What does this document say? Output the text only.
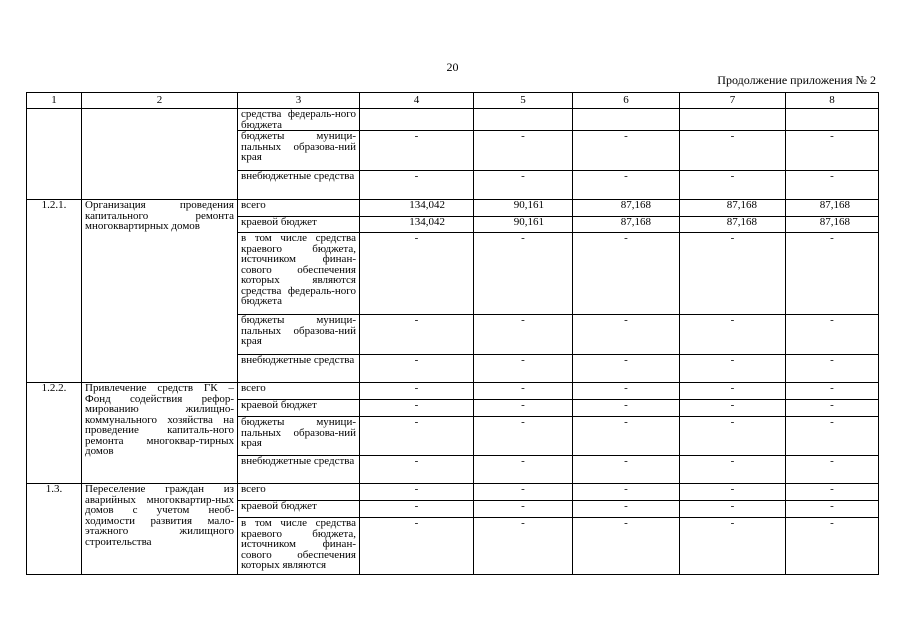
20
Продолжение приложения № 2
1	2	3	4	5	6	7	8
		средства федераль-ного бюджета					
		бюджеты муници-пальных образова-ний края	-	-	-	-	-
		внебюджетные средства	-	-	-	-	-
1.2.1.	Организация проведения капитального ремонта многоквартирных домов	всего	134,042	90,161	87,168	87,168	87,168
		краевой бюджет	134,042	90,161	87,168	87,168	87,168
		в том числе средства краевого бюджета, источником финан-сового обеспечения которых являются средства федераль-ного бюджета	-	-	-	-	-
		бюджеты муници-пальных образова-ний края	-	-	-	-	-
		внебюджетные средства	-	-	-	-	-
1.2.2.	Привлечение средств ГК – Фонд содействия рефор-мированию жилищно-коммунального хозяйства на проведение капиталь-ного ремонта многоквар-тирных домов	всего	-	-	-	-	-
		краевой бюджет	-	-	-	-	-
		бюджеты муници-пальных образова-ний края	-	-	-	-	-
		внебюджетные средства	-	-	-	-	-
1.3.	Переселение граждан из аварийных многоквартир-ных домов с учетом необ-ходимости развития мало-этажного жилищного строительства	всего	-	-	-	-	-
		краевой бюджет	-	-	-	-	-
		в том числе средства краевого бюджета, источником финан-сового обеспечения которых являются	-	-	-	-	-
